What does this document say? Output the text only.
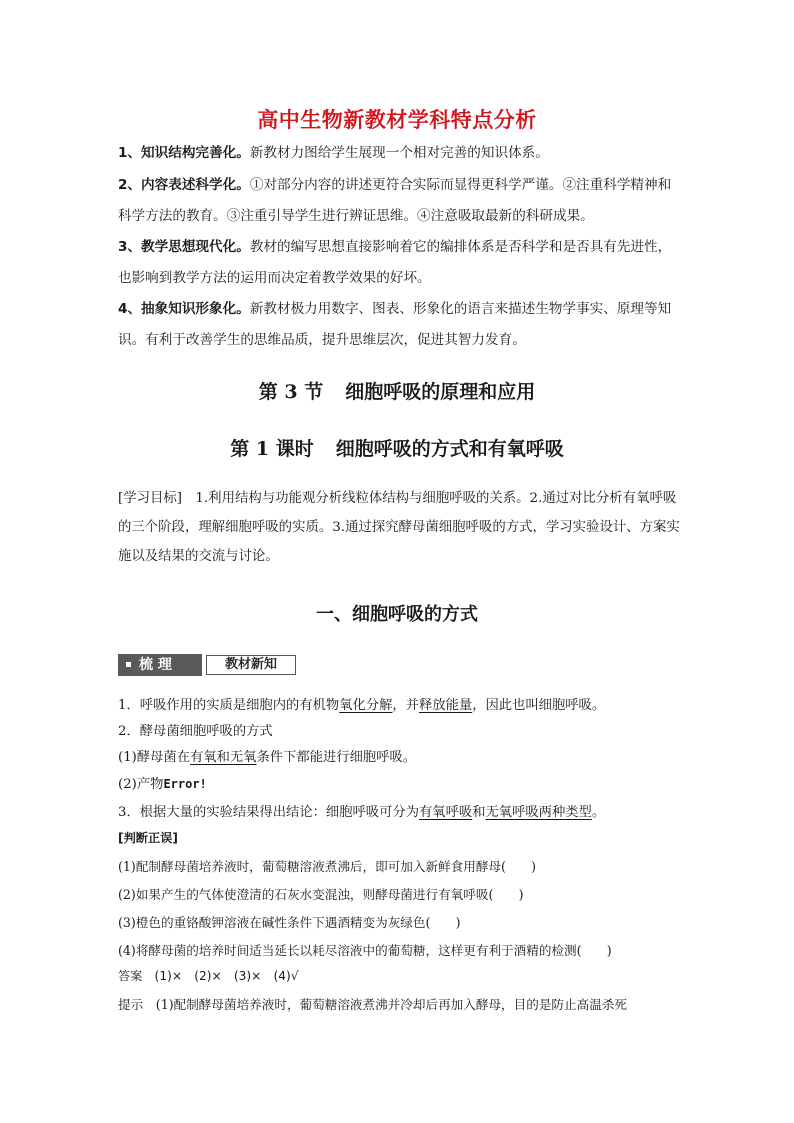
高中生物新教材学科特点分析
1、知识结构完善化。新教材力图给学生展现一个相对完善的知识体系。
2、内容表述科学化。①对部分内容的讲述更符合实际而显得更科学严谨。②注重科学精神和科学方法的教育。③注重引导学生进行辨证思维。④注意吸取最新的科研成果。
3、教学思想现代化。教材的编写思想直接影响着它的编排体系是否科学和是否具有先进性，也影响到教学方法的运用而决定着教学效果的好坏。
4、抽象知识形象化。新教材极力用数字、图表、形象化的语言来描述生物学事实、原理等知识。有利于改善学生的思维品质，提升思维层次，促进其智力发育。
第 3 节 细胞呼吸的原理和应用
第 1 课时 细胞呼吸的方式和有氧呼吸
[学习目标]　 1.利用结构与功能观分析线粒体结构与细胞呼吸的关系。2.通过对比分析有氧呼吸的三个阶段，理解细胞呼吸的实质。3.通过探究酵母菌细胞呼吸的方式，学习实验设计、方案实施以及结果的交流与讨论。
一、细胞呼吸的方式
梳 理	教材新知
1．呼吸作用的实质是细胞内的有机物氧化分解，并释放能量，因此也叫细胞呼吸。
2．酵母菌细胞呼吸的方式
(1)酵母菌在有氧和无氧条件下都能进行细胞呼吸。
(2)产物Error!
3．根据大量的实验结果得出结论：细胞呼吸可分为有氧呼吸和无氧呼吸两种类型。
[判断正误]
(1)配制酵母菌培养液时，葡萄糖溶液煮沸后，即可加入新鲜食用酵母(　　)
(2)如果产生的气体使澄清的石灰水变混浊，则酵母菌进行有氧呼吸(　　)
(3)橙色的重铬酸钾溶液在碱性条件下遇酒精变为灰绿色(　　)
(4)将酵母菌的培养时间适当延长以耗尽溶液中的葡萄糖，这样更有利于酒精的检测(　　)
答案　(1)×　(2)×　(3)×　(4)√
提示　(1)配制酵母菌培养液时，葡萄糖溶液煮沸并冷却后再加入酵母，目的是防止高温杀死
